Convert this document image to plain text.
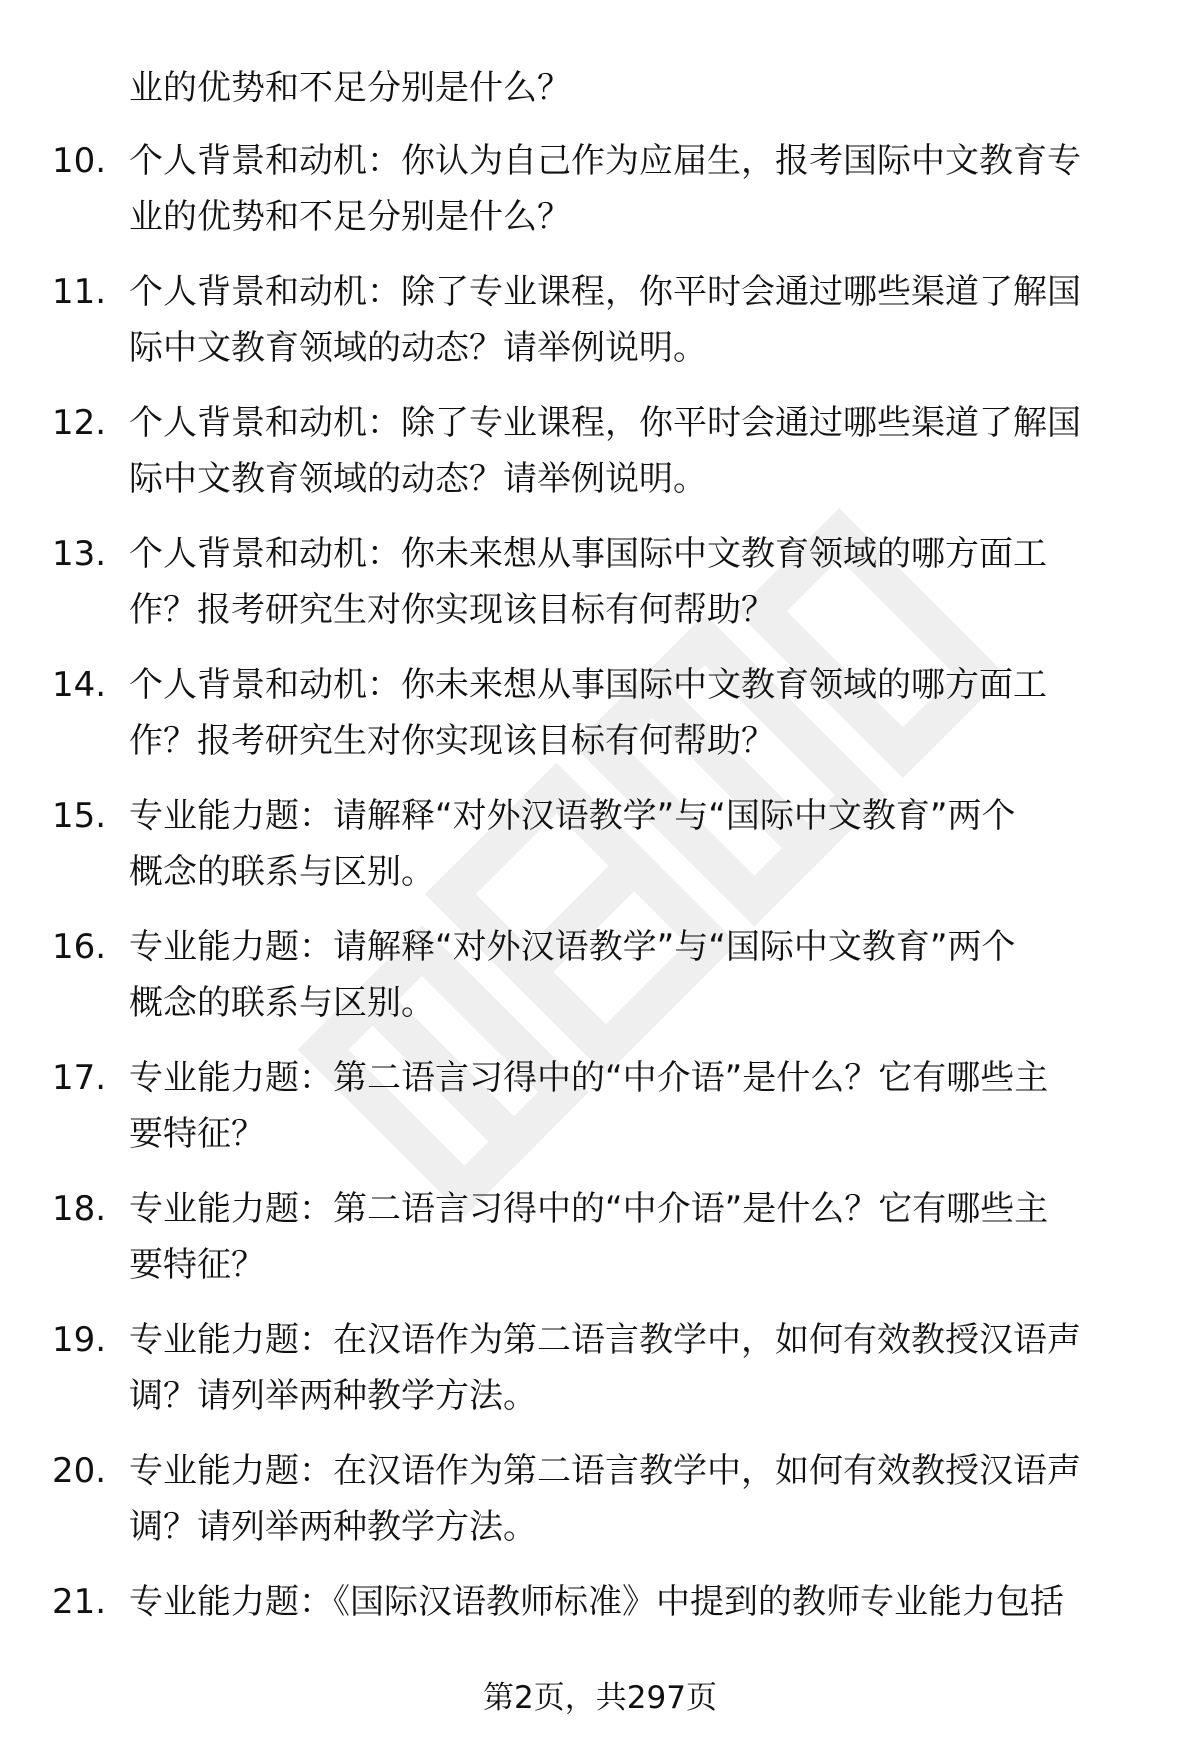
业的优势和不足分别是什么？

10. 个人背景和动机：你认为自己作为应届生，报考国际中文教育专
业的优势和不足分别是什么？
11. 个人背景和动机：除了专业课程，你平时会通过哪些渠道了解国
际中文教育领域的动态？请举例说明。
12. 个人背景和动机：除了专业课程，你平时会通过哪些渠道了解国
际中文教育领域的动态？请举例说明。
13. 个人背景和动机：你未来想从事国际中文教育领域的哪方面工
作？报考研究生对你实现该目标有何帮助？
14. 个人背景和动机：你未来想从事国际中文教育领域的哪方面工
作？报考研究生对你实现该目标有何帮助？
15. 专业能力题：请解释“对外汉语教学”与“国际中文教育”两个
概念的联系与区别。
16. 专业能力题：请解释“对外汉语教学”与“国际中文教育”两个
概念的联系与区别。
17. 专业能力题：第二语言习得中的“中介语”是什么？它有哪些主
要特征？
18. 专业能力题：第二语言习得中的“中介语”是什么？它有哪些主
要特征？
19. 专业能力题：在汉语作为第二语言教学中，如何有效教授汉语声
调？请列举两种教学方法。
20. 专业能力题：在汉语作为第二语言教学中，如何有效教授汉语声
调？请列举两种教学方法。
21. 专业能力题：《国际汉语教师标准》中提到的教师专业能力包括
第2页，共297页
